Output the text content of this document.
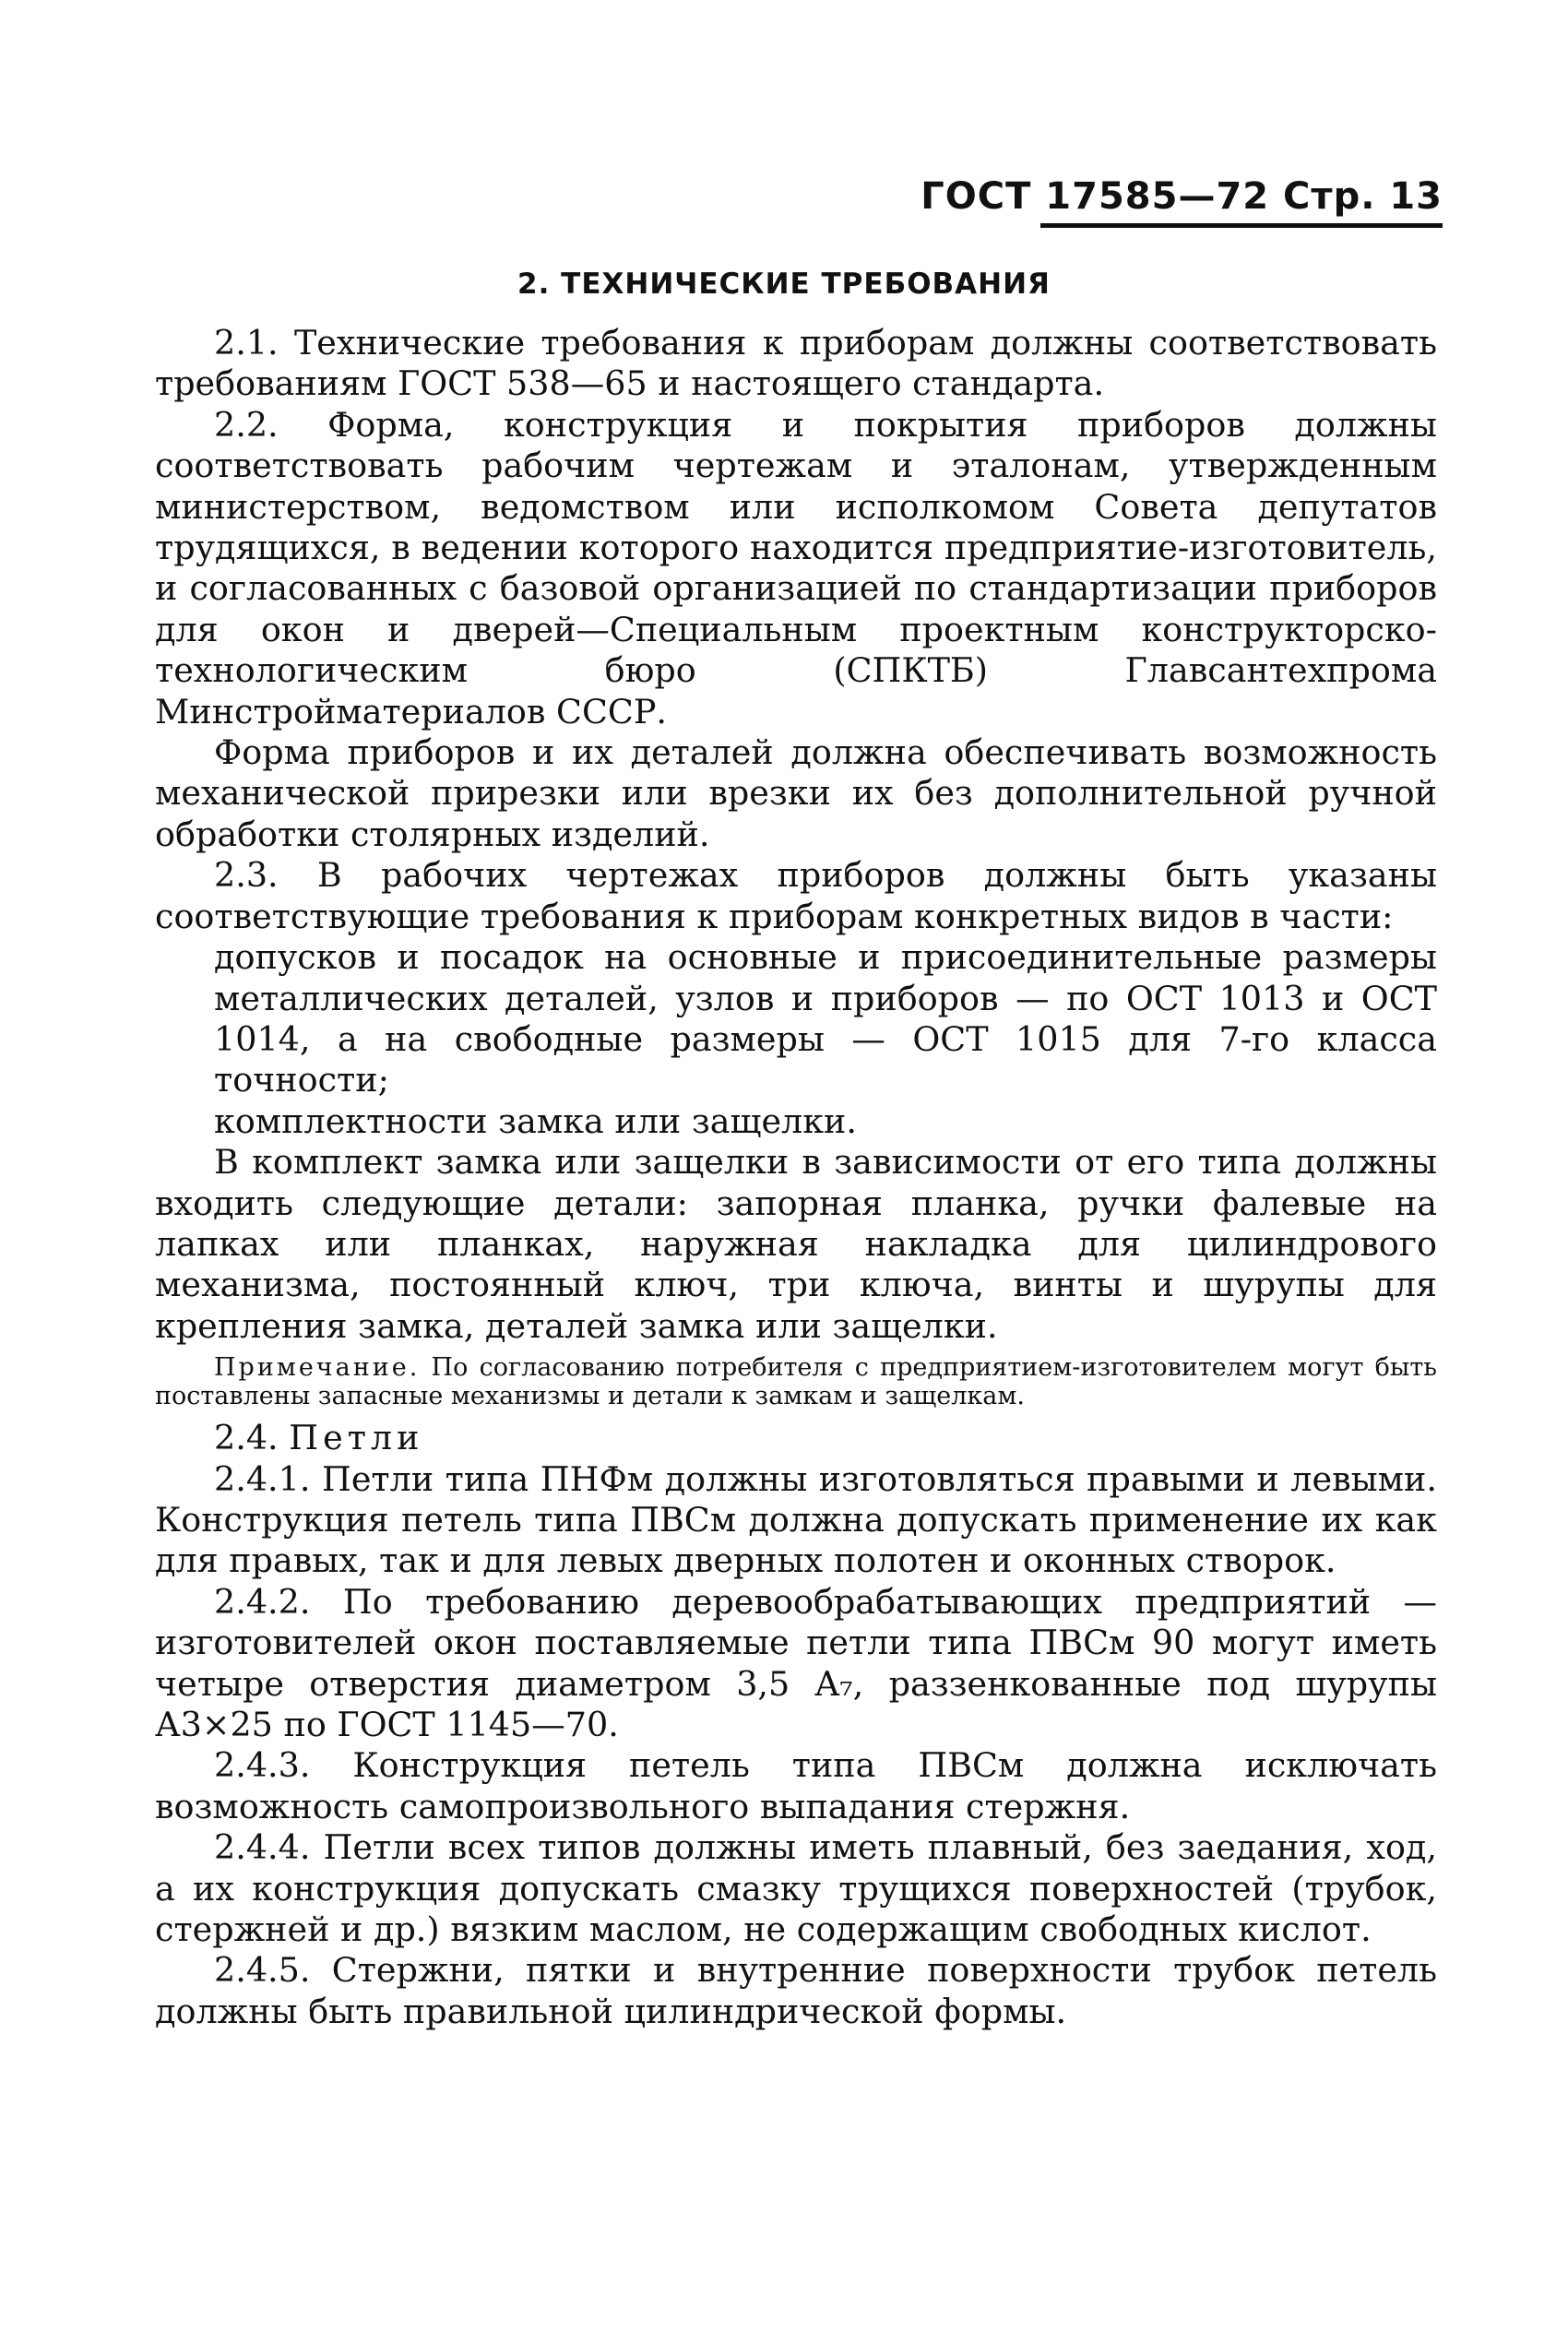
ГОСТ 17585—72 Стр. 13
2. ТЕХНИЧЕСКИЕ ТРЕБОВАНИЯ

2.1. Технические требования к приборам должны соответствовать требованиям ГОСТ 538—65 и настоящего стандарта.

2.2. Форма, конструкция и покрытия приборов должны соответствовать рабочим чертежам и эталонам, утвержденным министерством, ведомством или исполкомом Совета депутатов трудящихся, в ведении которого находится предприятие-изготовитель, и согласованных с базовой организацией по стандартизации приборов для окон и дверей—Специальным проектным конструкторско-технологическим бюро (СПКТБ) Главсантехпрома Минстройматериалов СССР.

Форма приборов и их деталей должна обеспечивать возможность механической прирезки или врезки их без дополнительной ручной обработки столярных изделий.

2.3. В рабочих чертежах приборов должны быть указаны соответствующие требования к приборам конкретных видов в части:

допусков и посадок на основные и присоединительные размеры металлических деталей, узлов и приборов — по ОСТ 1013 и ОСТ 1014, а на свободные размеры — ОСТ 1015 для 7-го класса точности;

комплектности замка или защелки.

В комплект замка или защелки в зависимости от его типа должны входить следующие детали: запорная планка, ручки фалевые на лапках или планках, наружная накладка для цилиндрового механизма, постоянный ключ, три ключа, винты и шурупы для крепления замка, деталей замка или защелки.

Примечание. По согласованию потребителя с предприятием-изготовителем могут быть поставлены запасные механизмы и детали к замкам и защелкам.

2.4. Петли

2.4.1. Петли типа ПНФм должны изготовляться правыми и левыми. Конструкция петель типа ПВСм должна допускать применение их как для правых, так и для левых дверных полотен и оконных створок.

2.4.2. По требованию деревообрабатывающих предприятий — изготовителей окон поставляемые петли типа ПВСм 90 могут иметь четыре отверстия диаметром 3,5 A₇, раззенкованные под шурупы А3×25 по ГОСТ 1145—70.

2.4.3. Конструкция петель типа ПВСм должна исключать возможность самопроизвольного выпадания стержня.

2.4.4. Петли всех типов должны иметь плавный, без заедания, ход, а их конструкция допускать смазку трущихся поверхностей (трубок, стержней и др.) вязким маслом, не содержащим свободных кислот.

2.4.5. Стержни, пятки и внутренние поверхности трубок петель должны быть правильной цилиндрической формы.
